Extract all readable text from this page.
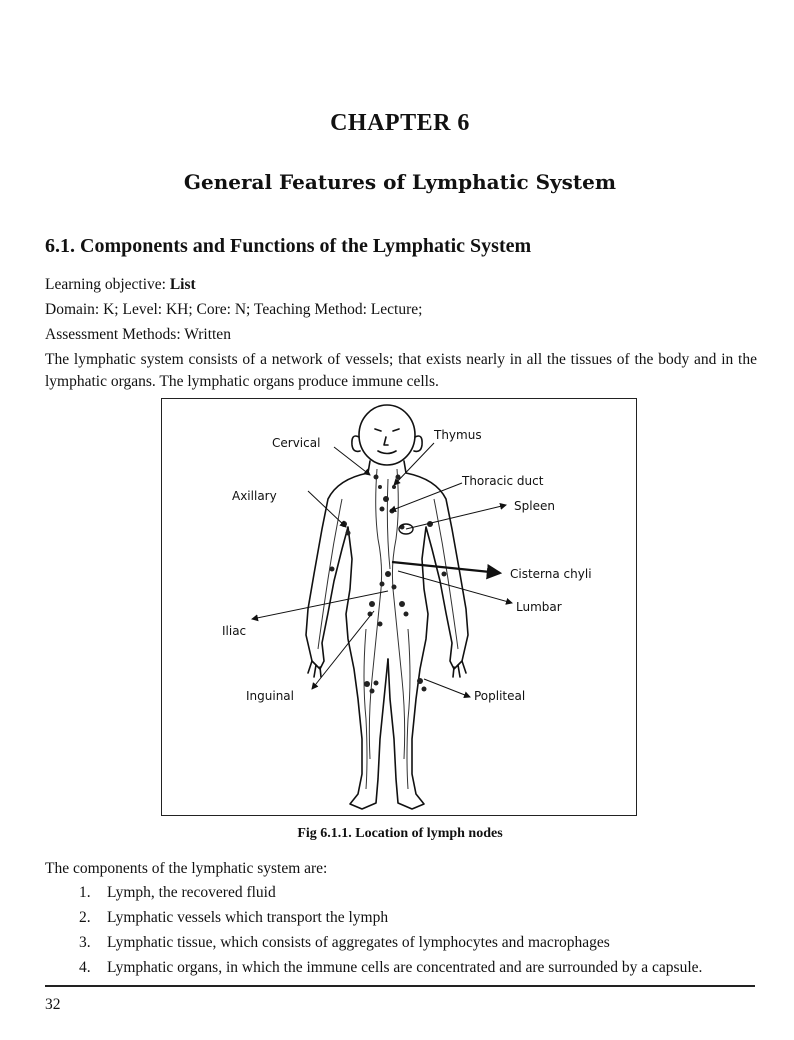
CHAPTER 6
General Features of Lymphatic System
6.1. Components and Functions of the Lymphatic System
Learning objective: List
Domain: K; Level: KH; Core: N; Teaching Method: Lecture;
Assessment Methods: Written
The lymphatic system consists of a network of vessels; that exists nearly in all the tissues of the body and in the lymphatic organs. The lymphatic organs produce immune cells.
Cervical
Thymus
Thoracic duct
Axillary
Spleen
Cisterna chyli
Lumbar
Iliac
Inguinal	Popliteal
Fig 6.1.1. Location of lymph nodes
The components of the lymphatic system are:
1.	Lymph, the recovered fluid
2.	Lymphatic vessels which transport the lymph
3.	Lymphatic tissue, which consists of aggregates of lymphocytes and macrophages
4.	Lymphatic organs, in which the immune cells are concentrated and are surrounded by a capsule.
32
